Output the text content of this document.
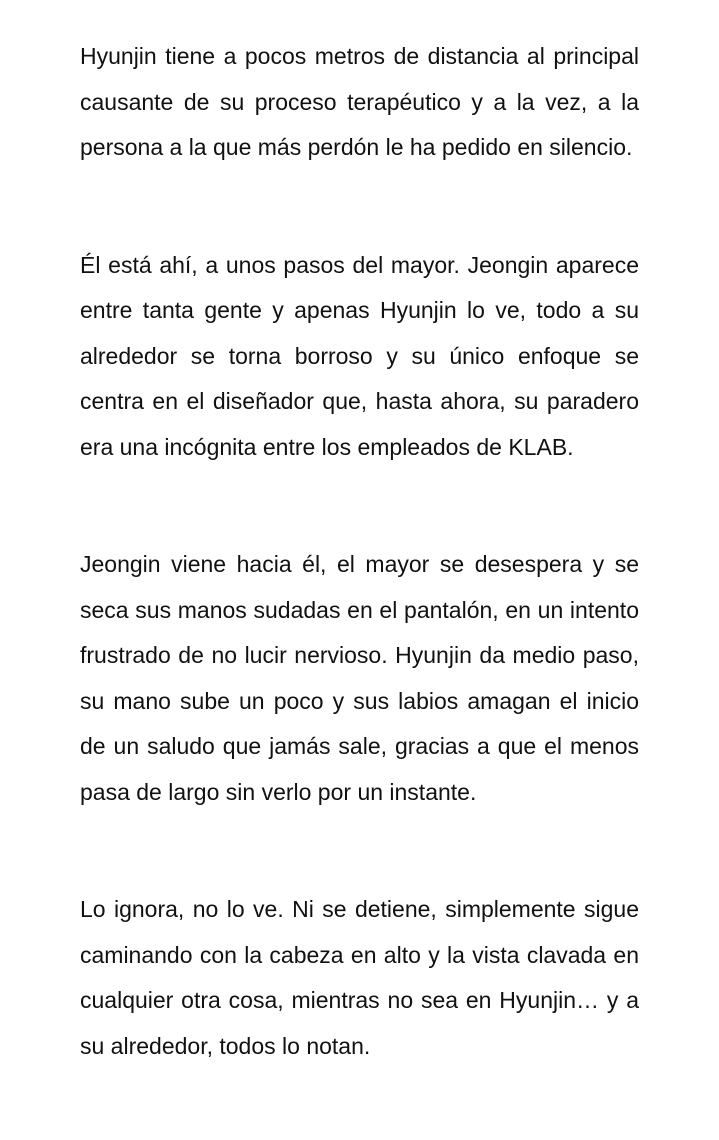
Hyunjin tiene a pocos metros de distancia al principal causante de su proceso terapéutico y a la vez, a la persona a la que más perdón le ha pedido en silencio.

Él está ahí, a unos pasos del mayor. Jeongin aparece entre tanta gente y apenas Hyunjin lo ve, todo a su alrededor se torna borroso y su único enfoque se centra en el diseñador que, hasta ahora, su paradero era una incógnita entre los empleados de KLAB.

Jeongin viene hacia él, el mayor se desespera y se seca sus manos sudadas en el pantalón, en un intento frustrado de no lucir nervioso. Hyunjin da medio paso, su mano sube un poco y sus labios amagan el inicio de un saludo que jamás sale, gracias a que el menos pasa de largo sin verlo por un instante.

Lo ignora, no lo ve. Ni se detiene, simplemente sigue caminando con la cabeza en alto y la vista clavada en cualquier otra cosa, mientras no sea en Hyunjin… y a su alrededor, todos lo notan.
